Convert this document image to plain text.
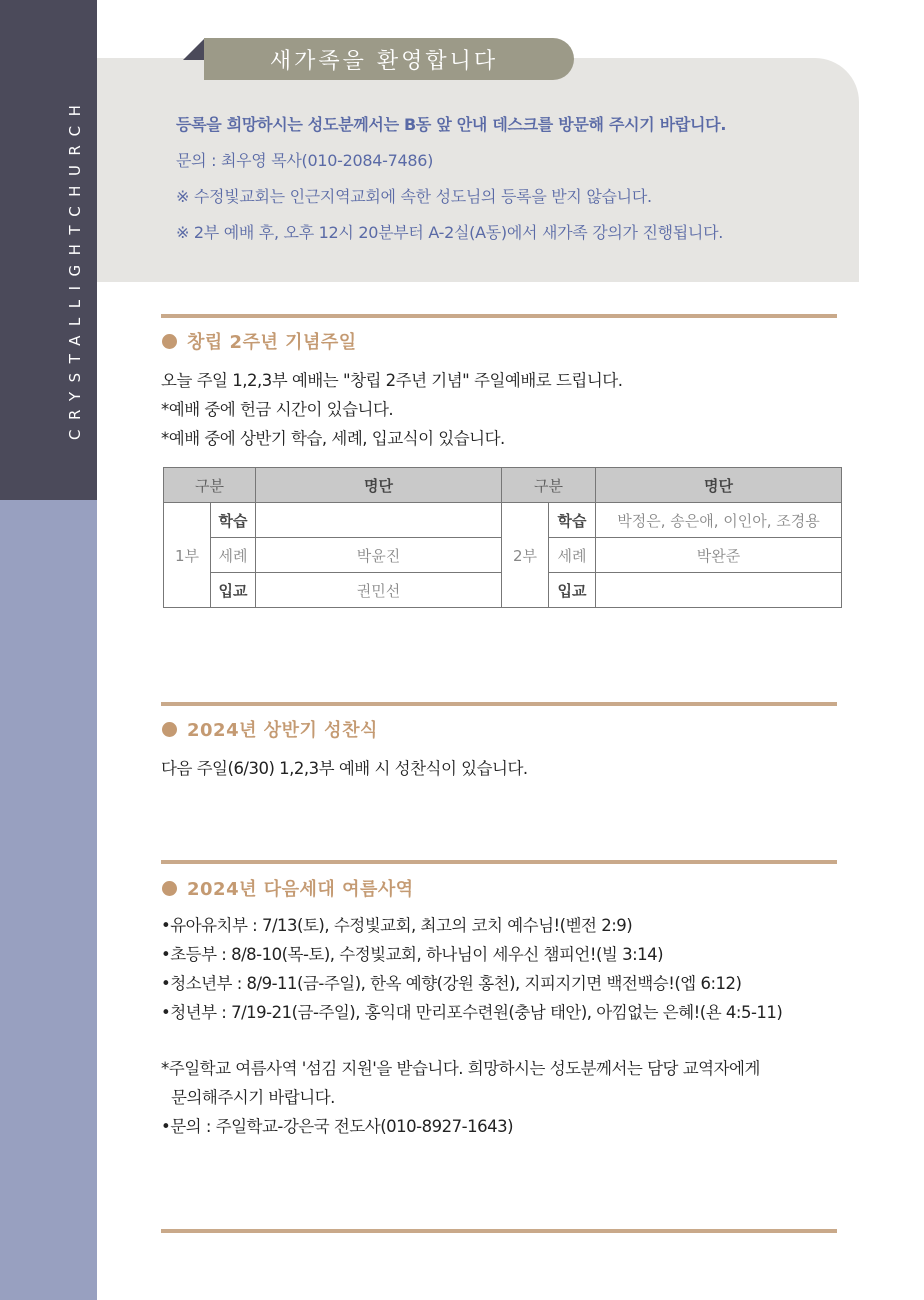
CRYSTALLIGHTCHURCH
새가족을 환영합니다
등록을 희망하시는 성도분께서는 B동 앞 안내 데스크를 방문해 주시기 바랍니다.
문의 : 최우영 목사(010-2084-7486)
※ 수정빛교회는 인근지역교회에 속한 성도님의 등록을 받지 않습니다.
※ 2부 예배 후, 오후 12시 20분부터 A-2실(A동)에서 새가족 강의가 진행됩니다.
창립 2주년 기념주일
오늘 주일 1,2,3부 예배는 "창립 2주년 기념" 주일예배로 드립니다.
*예배 중에 헌금 시간이 있습니다.
*예배 중에 상반기 학습, 세례, 입교식이 있습니다.
구분		명단	구분		명단
1부	학습		2부	학습	박정은, 송은애, 이인아, 조경용
	세례	박윤진		세례	박완준
	입교	권민선		입교	
2024년 상반기 성찬식
다음 주일(6/30) 1,2,3부 예배 시 성찬식이 있습니다.
2024년 다음세대 여름사역
•유아유치부 : 7/13(토), 수정빛교회, 최고의 코치 예수님!(벧전 2:9)
•초등부 : 8/8-10(목-토), 수정빛교회, 하나님이 세우신 챔피언!(빌 3:14)
•청소년부 : 8/9-11(금-주일), 한옥 예향(강원 홍천), 지피지기면 백전백승!(엡 6:12)
•청년부 : 7/19-21(금-주일), 홍익대 만리포수련원(충남 태안), 아낌없는 은혜!(욘 4:5-11)
*주일학교 여름사역 '섬김 지원'을 받습니다. 희망하시는 성도분께서는 담당 교역자에게
문의해주시기 바랍니다.
•문의 : 주일학교-강은국 전도사(010-8927-1643)
